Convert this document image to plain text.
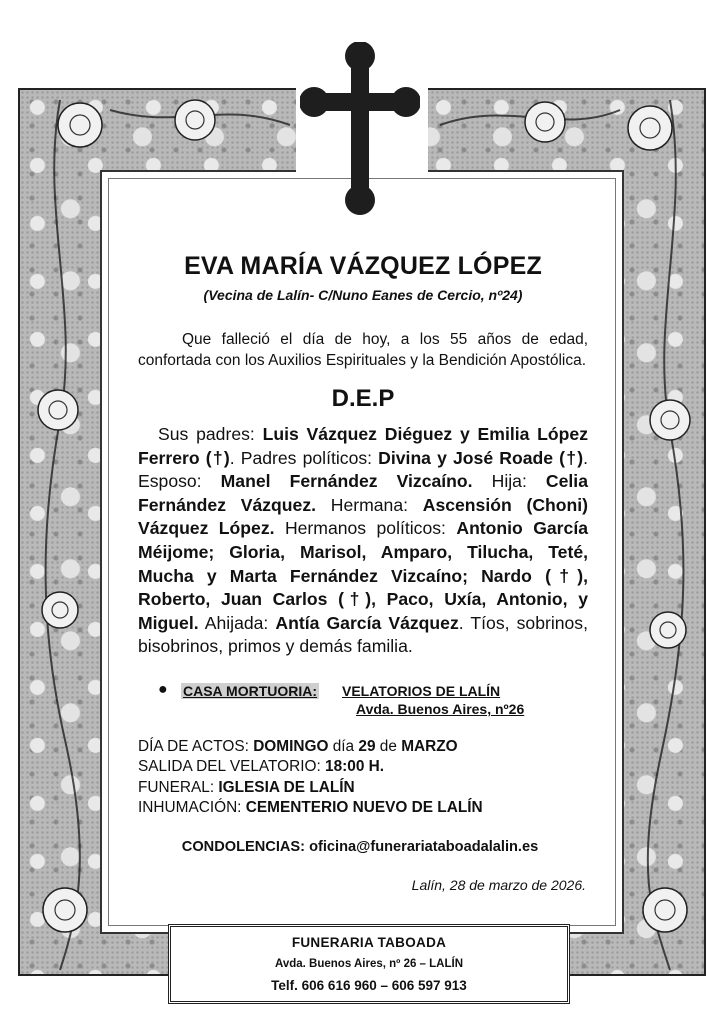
EVA MARÍA VÁZQUEZ LÓPEZ
(Vecina de Lalín- C/Nuno Eanes de Cercio, nº24)

Que falleció el día de hoy, a los 55 años de edad, confortada con los Auxilios Espirituales y la Bendición Apostólica.

D.E.P

Sus padres: Luis Vázquez Diéguez y Emilia López Ferrero (†). Padres políticos: Divina y José Roade (†). Esposo: Manel Fernández Vizcaíno. Hija: Celia Fernández Vázquez. Hermana: Ascensión (Choni) Vázquez López. Hermanos políticos: Antonio García Méijome; Gloria, Marisol, Amparo, Tilucha, Teté, Mucha y Marta Fernández Vizcaíno; Nardo (†), Roberto, Juan Carlos (†), Paco, Uxía, Antonio, y Miguel. Ahijada: Antía García Vázquez. Tíos, sobrinos, bisobrinos, primos y demás familia.

● CASA MORTUORIA: VELATORIOS DE LALÍN
Avda. Buenos Aires, nº26
DÍA DE ACTOS: DOMINGO día 29 de MARZO
SALIDA DEL VELATORIO: 18:00 H.
FUNERAL: IGLESIA DE LALÍN
INHUMACIÓN: CEMENTERIO NUEVO DE LALÍN
CONDOLENCIAS: oficina@funerariataboadalalin.es
Lalín, 28 de marzo de 2026.
FUNERARIA TABOADA
Avda. Buenos Aires, nº 26 – LALÍN
Telf. 606 616 960 – 606 597 913
